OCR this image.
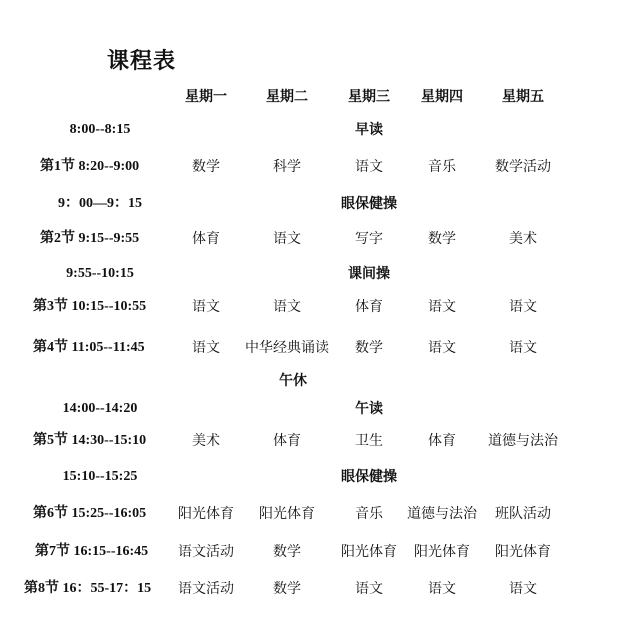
课程表
星期一	星期二	星期三 星期四	星期五
8:00--8:15	早读
第1节 8:20--9:00	数学	科学	语文	音乐	数学活动
9：00—9：15	眼保健操
第2节 9:15--9:55	体育	语文	写字	数学	美术
9:55--10:15	课间操
第3节 10:15--10:55	语文	语文	体育	语文	语文
第4节 11:05--11:45	语文 中华经典诵读 数学	语文	语文
午休
14:00--14:20	午读
第5节 14:30--15:10	美术	体育	卫生	体育 道德与法治
15:10--15:25	眼保健操
第6节 15:25--16:05 阳光体育 阳光体育	音乐 道德与法治 班队活动
第7节 16:15--16:45 语文活动	数学	阳光体育 阳光体育 阳光体育
第8节 16：55-17：15 语文活动	数学	语文	语文	语文
